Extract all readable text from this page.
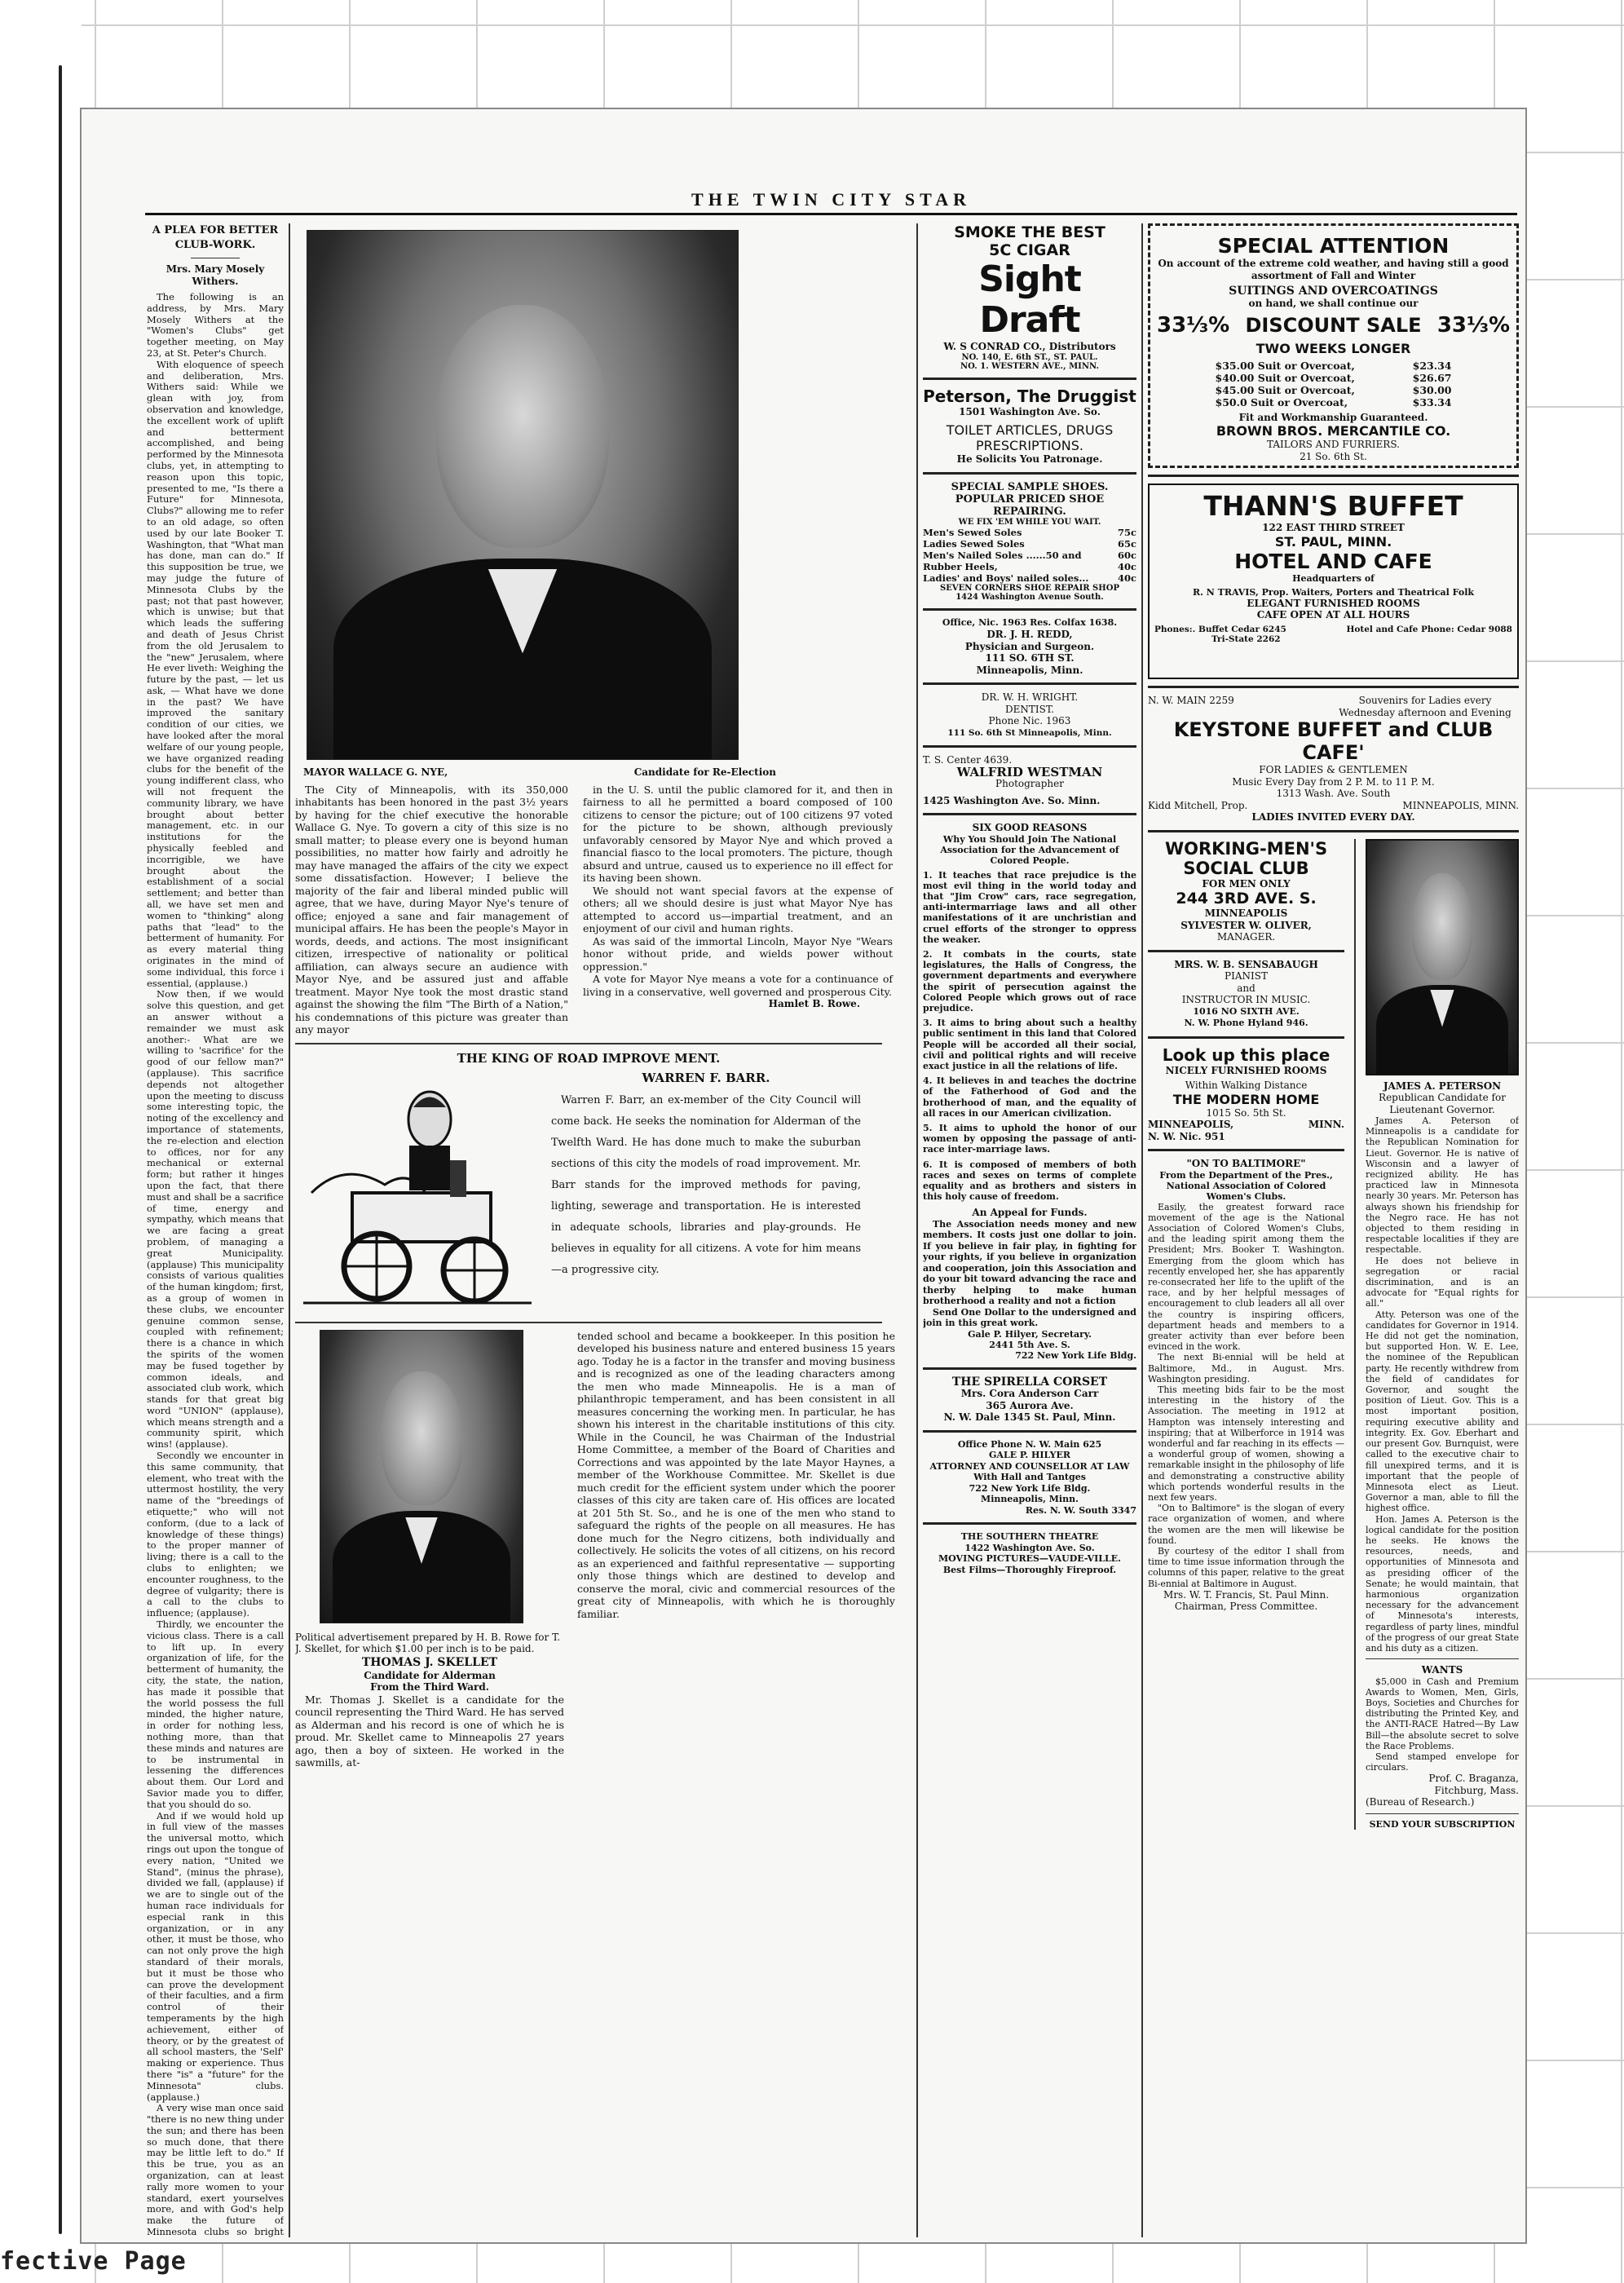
THE TWIN CITY STAR
A PLEA FOR BETTER CLUB-WORK.
Mrs. Mary Mosely Withers.

The following is an address, by Mrs. Mary Mosely Withers at the "Women's Clubs" get together meeting, on May 23, at St. Peter's Church.

With eloquence of speech and deliberation, Mrs. Withers said: While we glean with joy, from observation and knowledge, the excellent work of uplift and betterment accomplished, and being performed by the Minnesota clubs, yet, in attempting to reason upon this topic, presented to me, "Is there a Future" for Minnesota, Clubs?" allowing me to refer to an old adage, so often used by our late Booker T. Washington, that "What man has done, man can do." If this supposition be true, we may judge the future of Minnesota Clubs by the past; not that past however, which is unwise; but that which leads the suffering and death of Jesus Christ from the old Jerusalem to the "new" Jerusalem, where He ever liveth: Weighing the future by the past, — let us ask, — What have we done in the past? We have improved the sanitary condition of our cities, we have looked after the moral welfare of our young people, we have organized reading clubs for the benefit of the young indifferent class, who will not frequent the community library, we have brought about better management, etc. in our institutions for the physically feebled and incorrigible, we have brought about the establishment of a social settlement; and better than all, we have set men and women to "thinking" along paths that "lead" to the betterment of humanity. For as every material thing originates in the mind of some individual, this force i essential, (applause.)

Now then, if we would solve this question, and get an answer without a remainder we must ask another:- What are we willing to 'sacrifice' for the good of our fellow man?" (applause). This sacrifice depends not altogether upon the meeting to discuss some interesting topic, the noting of the excellency and importance of statements, the re-election and election to offices, nor for any mechanical or external form; but rather it hinges upon the fact, that there must and shall be a sacrifice of time, energy and sympathy, which means that we are facing a great problem, of managing a great Municipality. (applause) This municipality consists of various qualities of the human kingdom; first, as a group of women in these clubs, we encounter genuine common sense, coupled with refinement; there is a chance in which the spirits of the women may be fused together by common ideals, and associated club work, which stands for that great big word "UNION" (applause), which means strength and a community spirit, which wins! (applause).

Secondly we encounter in this same community, that element, who treat with the uttermost hostility, the very name of the "breedings of etiquette;" who will not conform, (due to a lack of knowledge of these things) to the proper manner of living; there is a call to the clubs to enlighten; we encounter roughness, to the degree of vulgarity; there is a call to the clubs to influence; (applause).

Thirdly, we encounter the vicious class. There is a call to lift up. In every organization of life, for the betterment of humanity, the city, the state, the nation, has made it possible that the world possess the full minded, the higher nature, in order for nothing less, nothing more, than that these minds and natures are to be instrumental in lessening the differences about them. Our Lord and Savior made you to differ, that you should do so.

And if we would hold up in full view of the masses the universal motto, which rings out upon the tongue of every nation, "United we Stand", (minus the phrase), divided we fall, (applause) if we are to single out of the human race individuals for especial rank in this organization, or in any other, it must be those, who can not only prove the high standard of their morals, but it must be those who can prove the development of their faculties, and a firm control of their temperaments by the high achievement, either of theory, or by the greatest of all school masters, the 'Self' making or experience. Thus there "is" a "future" for the Minnesota" clubs. (applause.)

A very wise man once said "there is no new thing under the sun; and there has been so much done, that there may be little left to do." If this be true, you as an organization, can at least rally more women to your standard, exert yourselves more, and with God's help make the future of Minnesota clubs so bright

MAYOR WALLACE G. NYE,	Candidate for Re-Election

The City of Minneapolis, with its 350,000 inhabitants has been honored in the past 3½ years by having for the chief executive the honorable Wallace G. Nye. To govern a city of this size is no small matter; to please every one is beyond human possibilities, no matter how fairly and adroitly he may have managed the affairs of the city we expect some dissatisfaction. However; I believe the majority of the fair and liberal minded public will agree, that we have, during Mayor Nye's tenure of office; enjoyed a sane and fair management of municipal affairs. He has been the people's Mayor in words, deeds, and actions. The most insignificant citizen, irrespective of nationality or political affiliation, can always secure an audience with Mayor Nye, and be assured just and affable treatment. Mayor Nye took the most drastic stand against the showing the film "The Birth of a Nation," his condemnations of this picture was greater than any mayor

in the U. S. until the public clamored for it, and then in fairness to all he permitted a board composed of 100 citizens to censor the picture; out of 100 citizens 97 voted for the picture to be shown, although previously unfavorably censored by Mayor Nye and which proved a financial fiasco to the local promoters. The picture, though absurd and untrue, caused us to experience no ill effect for its having been shown.

We should not want special favors at the expense of others; all we should desire is just what Mayor Nye has attempted to accord us—impartial treatment, and an enjoyment of our civil and human rights.

As was said of the immortal Lincoln, Mayor Nye "Wears honor without pride, and wields power without oppression."

A vote for Mayor Nye means a vote for a continuance of living in a conservative, well governed and prosperous City.

Hamlet B. Rowe.
THE KING OF ROAD IMPROVE MENT.
WARREN F. BARR.

Warren F. Barr, an ex-member of the City Council will come back. He seeks the nomination for Alderman of the Twelfth Ward. He has done much to make the suburban sections of this city the models of road improvement. Mr. Barr stands for the improved methods for paving, lighting, sewerage and transportation. He is interested in adequate schools, libraries and play-grounds. He believes in equality for all citizens. A vote for him means—a progressive city.

Political advertisement prepared by H. B. Rowe for T. J. Skellet, for which $1.00 per inch is to be paid.
THOMAS J. SKELLET
Candidate for Alderman
From the Third Ward.

Mr. Thomas J. Skellet is a candidate for the council representing the Third Ward. He has served as Alderman and his record is one of which he is proud. Mr. Skellet came to Minneapolis 27 years ago, then a boy of sixteen. He worked in the sawmills, at-

tended school and became a bookkeeper. In this position he developed his business nature and entered business 15 years ago. Today he is a factor in the transfer and moving business and is recognized as one of the leading characters among the men who made Minneapolis. He is a man of philanthropic temperament, and has been consistent in all measures concerning the working men. In particular, he has shown his interest in the charitable institutions of this city. While in the Council, he was Chairman of the Industrial Home Committee, a member of the Board of Charities and Corrections and was appointed by the late Mayor Haynes, a member of the Workhouse Committee. Mr. Skellet is due much credit for the efficient system under which the poorer classes of this city are taken care of. His offices are located at 201 5th St. So., and he is one of the men who stand to safeguard the rights of the people on all measures. He has done much for the Negro citizens, both individually and collectively. He solicits the votes of all citizens, on his record as an experienced and faithful representative — supporting only those things which are destined to develop and conserve the moral, civic and commercial resources of the great city of Minneapolis, with which he is thoroughly familiar.

SMOKE THE BEST
5C CIGAR
Sight Draft
W. S CONRAD CO., Distributors
NO. 140, E. 6th ST., ST. PAUL.
NO. 1. WESTERN AVE., MINN.
Peterson, The Druggist
1501 Washington Ave. So.
TOILET ARTICLES, DRUGS
PRESCRIPTIONS.
He Solicits You Patronage.
SPECIAL SAMPLE SHOES.
POPULAR PRICED SHOE REPAIRING.
WE FIX 'EM WHILE YOU WAIT.
Men's Sewed Soles	75c
Ladies Sewed Soles	65c
Men's Nailed Soles ......50 and	60c
Rubber Heels,	40c
Ladies' and Boys' nailed soles...	40c
SEVEN CORNERS SHOE REPAIR SHOP
1424 Washington Avenue South.
Office, Nic. 1963 Res. Colfax 1638.
DR. J. H. REDD,
Physician and Surgeon.
111 SO. 6TH ST.
Minneapolis, Minn.
DR. W. H. WRIGHT.
DENTIST.
Phone Nic. 1963
111 So. 6th St Minneapolis, Minn.
T. S. Center 4639.
WALFRID WESTMAN
Photographer
1425 Washington Ave. So. Minn.
SIX GOOD REASONS
Why You Should Join The National Association for the Advancement of Colored People.
1. It teaches that race prejudice is the most evil thing in the world today and that "Jim Crow" cars, race segregation, anti-intermarriage laws and all other manifestations of it are unchristian and cruel efforts of the stronger to oppress the weaker.
2. It combats in the courts, state legislatures, the Halls of Congress, the government departments and everywhere the spirit of persecution against the Colored People which grows out of race prejudice.
3. It aims to bring about such a healthy public sentiment in this land that Colored People will be accorded all their social, civil and political rights and will receive exact justice in all the relations of life.
4. It believes in and teaches the doctrine of the Fatherhood of God and the brotherhood of man, and the equality of all races in our American civilization.
5. It aims to uphold the honor of our women by opposing the passage of anti-race inter-marriage laws.
6. It is composed of members of both races and sexes on terms of complete equality and as brothers and sisters in this holy cause of freedom.
An Appeal for Funds.

The Association needs money and new members. It costs just one dollar to join. If you believe in fair play, in fighting for your rights, if you believe in organization and cooperation, join this Association and do your bit toward advancing the race and therby helping to make human brotherhood a reality and not a fiction

Send One Dollar to the undersigned and join in this great work.

Gale P. Hilyer, Secretary.
2441 5th Ave. S.
722 New York Life Bldg.
THE SPIRELLA CORSET
Mrs. Cora Anderson Carr
365 Aurora Ave.
N. W. Dale 1345 St. Paul, Minn.
Office Phone N. W. Main 625
GALE P. HILYER
ATTORNEY AND COUNSELLOR AT LAW
With Hall and Tantges
722 New York Life Bldg.
Minneapolis, Minn.
Res. N. W. South 3347
THE SOUTHERN THEATRE
1422 Washington Ave. So.
MOVING PICTURES—VAUDE-VILLE.
Best Films—Thoroughly Fireproof.
SPECIAL ATTENTION
On account of the extreme cold weather, and having still a good assortment of Fall and Winter
SUITINGS AND OVERCOATINGS
on hand, we shall continue our
33⅓% DISCOUNT SALE 33⅓%
TWO WEEKS LONGER
$35.00 Suit or Overcoat,	$23.34
$40.00 Suit or Overcoat,	$26.67
$45.00 Suit or Overcoat,	$30.00
$50.0 Suit or Overcoat,	$33.34
Fit and Workmanship Guaranteed.
BROWN BROS. MERCANTILE CO.
TAILORS AND FURRIERS.
21 So. 6th St.
THANN'S BUFFET
122 EAST THIRD STREET
ST. PAUL, MINN.
HOTEL AND CAFE
Headquarters of
R. N TRAVIS, Prop. Waiters, Porters and Theatrical Folk
ELEGANT FURNISHED ROOMS
CAFE OPEN AT ALL HOURS
Phones:. Buffet Cedar 6245	Hotel and Cafe Phone: Cedar 9088
Tri-State 2262
N. W. MAIN 2259	Souvenirs for Ladies every Wednesday afternoon and Evening
KEYSTONE BUFFET and CLUB CAFE'
FOR LADIES & GENTLEMEN
Music Every Day from 2 P. M. to 11 P. M.
1313 Wash. Ave. South
Kidd Mitchell, Prop.	MINNEAPOLIS, MINN.
LADIES INVITED EVERY DAY.
WORKING-MEN'S
SOCIAL CLUB
FOR MEN ONLY
244 3RD AVE. S.
MINNEAPOLIS
SYLVESTER W. OLIVER,
MANAGER.
MRS. W. B. SENSABAUGH
PIANIST
and
INSTRUCTOR IN MUSIC.
1016 NO SIXTH AVE.
N. W. Phone Hyland 946.
Look up this place
NICELY FURNISHED ROOMS
Within Walking Distance
THE MODERN HOME
1015 So. 5th St.
MINNEAPOLIS,	MINN.
N. W. Nic. 951
"ON TO BALTIMORE"
From the Department of the Pres., National Association of Colored Women's Clubs.

Easily, the greatest forward race movement of the age is the National Association of Colored Women's Clubs, and the leading spirit among them the President; Mrs. Booker T. Washington. Emerging from the gloom which has recently enveloped her, she has apparently re-consecrated her life to the uplift of the race, and by her helpful messages of encouragement to club leaders all all over the country is inspiring officers, department heads and members to a greater activity than ever before been evinced in the work.

The next Bi-ennial will be held at Baltimore, Md., in August. Mrs. Washington presiding.

This meeting bids fair to be the most interesting in the history of the Association. The meeting in 1912 at Hampton was intensely interesting and inspiring; that at Wilberforce in 1914 was wonderful and far reaching in its effects — a wonderful group of women, showing a remarkable insight in the philosophy of life and demonstrating a constructive ability which portends wonderful results in the next few years.

"On to Baltimore" is the slogan of every race organization of women, and where the women are the men will likewise be found.

By courtesy of the editor I shall from time to time issue information through the columns of this paper, relative to the great Bi-ennial at Baltimore in August.

Mrs. W. T. Francis, St. Paul Minn.
Chairman, Press Committee.
JAMES A. PETERSON
Republican Candidate for Lieutenant Governor.

James A. Peterson of Minneapolis is a candidate for the Republican Nomination for Lieut. Governor. He is native of Wisconsin and a lawyer of recignized ability. He has practiced law in Minnesota nearly 30 years. Mr. Peterson has always shown his friendship for the Negro race. He has not objected to them residing in respectable localities if they are respectable.

He does not believe in segregation or racial discrimination, and is an advocate for "Equal rights for all."

Atty. Peterson was one of the candidates for Governor in 1914. He did not get the nomination, but supported Hon. W. E. Lee, the nominee of the Republican party. He recently withdrew from the field of candidates for Governor, and sought the position of Lieut. Gov. This is a most important position, requiring executive ability and integrity. Ex. Gov. Eberhart and our present Gov. Burnquist, were called to the executive chair to fill unexpired terms, and it is important that the people of Minnesota elect as Lieut. Governor a man, able to fill the highest office.

Hon. James A. Peterson is the logical candidate for the position he seeks. He knows the resources, needs, and opportunities of Minnesota and as presiding officer of the Senate; he would maintain, that harmonious organization necessary for the advancement of Minnesota's interests, regardless of party lines, mindful of the progress of our great State and his duty as a citizen.

WANTS

$5,000 in Cash and Premium Awards to Women, Men, Girls, Boys, Societies and Churches for distributing the Printed Key, and the ANTI-RACE Hatred—By Law Bill—the absolute secret to solve the Race Problems.

Send stamped envelope for circulars.

Prof. C. Braganza,
Fitchburg, Mass.
(Bureau of Research.)
SEND YOUR SUBSCRIPTION
fective Page
